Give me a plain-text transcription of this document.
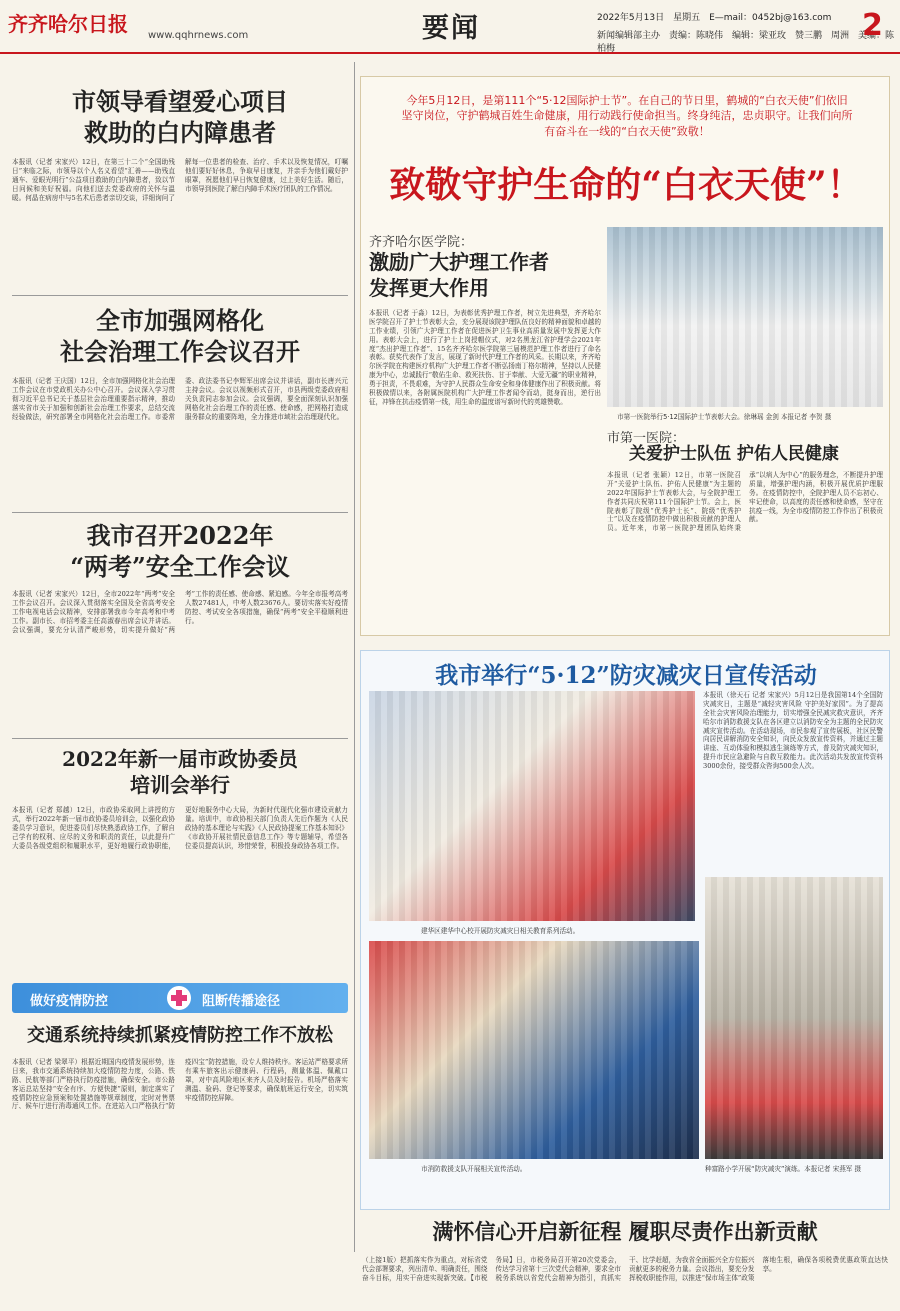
齐齐哈尔日报 www.qqhrnews.com	要闻	2022年5月13日　星期五　E—mail：0452bj@163.com
新闻编辑部主办　责编：陈晓伟　编辑：梁亚玫　赞三鹏　周洲　美编：陈柏梅
2
市领导看望爱心项目
救助的白内障患者
本报讯（记者 宋家兴）12日，在第三十二个“全国助残日”来临之际，市领导以个人名义看望“汇善——助残直通车、爱眼光明行”公益项目救助的白内障患者，致以节日问候和美好祝福。向他们送去党委政府的关怀与温暖。何晶在病房中与5名术后患者亲切交谈，详细询问了解每一位患者的检查、治疗、手术以及恢复情况，叮嘱他们要好好休息，争取早日康复，并亲手为他们戴好护眼罩，祝愿他们早日恢复健康，过上美好生活。随后，市领导到医院了解白内障手术医疗团队的工作情况。
全市加强网格化
社会治理工作会议召开
本报讯（记者 王庆国）12日，全市加强网格化社会治理工作会议在市党政机关办公中心召开。会议深入学习贯彻习近平总书记关于基层社会治理重要指示精神，推动落实省市关于加强和创新社会治理工作要求，总结交流经验做法，研究部署全市网格化社会治理工作。市委常委、政法委书记李辉军出席会议并讲话，副市长唐兴元主持会议。会议以视频形式召开，市县两级党委政府相关负责同志参加会议。会议强调，要全面深刻认识加强网格化社会治理工作的责任感、使命感，把网格打造成服务群众的重要阵地，全力推进市域社会治理现代化。
我市召开2022年
“两考”安全工作会议
本报讯（记者 宋家兴）12日，全市2022年“两考”安全工作会议召开。会议深入贯彻落实全国及全省高考安全工作电视电话会议精神，安排部署我市今年高考和中考工作。副市长、市招考委主任高淑春出席会议并讲话。会议强调，要充分认清严峻形势，切实提升做好“两考”工作的责任感、使命感、紧迫感。今年全市报考高考人数27481人，中考人数23676人。要切实落实好疫情防控、考试安全各项措施，确保“两考”安全平稳顺利进行。
2022年新一届市政协委员
培训会举行
本报讯（记者 郑越）12日，市政协采取网上讲授的方式，举行2022年新一届市政协委员培训会，以强化政协委员学习意识，促进委员们尽快熟悉政协工作，了解自己学有的权利、应尽的义务和职责的责任，以此提升广大委员各级党组织和履职水平，更好地履行政协职能，更好地服务中心大局，为新时代现代化强市建设贡献力量。培训中，市政协相关部门负责人先后作题为《人民政协的基本理论与实践》《人民政协提案工作基本知识》《市政协开展社情民意信息工作》等专题辅导，希望各位委员提高认识，珍惜荣誉，积极投身政协各项工作。
做好疫情防控	阻断传播途径
交通系统持续抓紧疫情防控工作不放松
本报讯（记者 梁翠平）根据近期国内疫情发展形势，连日来，我市交通系统持续加大疫情防控力度，公路、铁路、民航等部门严格执行防疫措施，确保安全。市公路客运总站坚持“安全有序、方便快捷”原则，制定落实了疫情防控应急预案和处置措施等规章制度，定时对售票厅、候车厅进行消毒通风工作。在进站入口严格执行“防疫四宝”防控措施，设专人维持秩序。客运站严格要求所有乘车旅客出示健康码、行程码，测量体温、佩戴口罩，对中高风险地区来齐人员及时报告。机场严格落实测温、验码、登记等要求，确保航班运行安全，切实筑牢疫情防控屏障。
今年5月12日，是第111个“5·12国际护士节”。在自己的节日里，鹤城的“白衣天使”们依旧坚守岗位，守护鹤城百姓生命健康，用行动践行使命担当。终身纯洁，忠贞职守。让我们向所有奋斗在一线的“白衣天使”致敬！
致敬守护生命的“白衣天使”！
齐齐哈尔医学院：
激励广大护理工作者
发挥更大作用
本报讯（记者 于淼）12日，为表彰优秀护理工作者，树立先进典型，齐齐哈尔医学院召开了护士节表彰大会，充分展现该院护理队伍良好的精神面貌和卓越的工作业绩，引领广大护理工作者在促进医护卫生事业高质量发展中发挥更大作用。表彰大会上，进行了护士上岗授帽仪式，对2名黑龙江省护理学会2021年度“杰出护理工作者”、15名齐齐哈尔医学院第三届模范护理工作者进行了命名表彰。获奖代表作了发言，展现了新时代护理工作者的风采。长期以来，齐齐哈尔医学院在构建医疗机构广大护理工作者不断弘扬南丁格尔精神，坚持以人民健康为中心，忠诚践行“敬佑生命、救死扶伤、甘于奉献、大爱无疆”的职业精神，勇于担责，不畏艰难，为守护人民群众生命安全和身体健康作出了积极贡献。将积极做情以来，各附属医院机构广大护理工作者闻令而动，挺身而出，逆行出征，冲锋在抗击疫情第一线，用生命的温度谱写新时代的英雄赞歌。
市第一医院举行5·12国际护士节表彰大会。徐琳瑶 金剑 本报记者 李贺 摄
市第一医院：
关爱护士队伍 护佑人民健康
本报讯（记者 张颖）12日，市第一医院召开“关爱护士队伍、护佑人民健康”为主题的2022年国际护士节表彰大会，与全院护理工作者共同庆祝第111个国际护士节。会上，医院表彰了院级“优秀护士长”、院级“优秀护士”以及在疫情防控中做出积极贡献的护理人员。近年来，市第一医院护理团队始终秉承“以病人为中心”的服务理念，不断提升护理质量，增强护理内涵，积极开展优质护理服务。在疫情防控中，全院护理人员不忘初心、牢记使命，以高度的责任感和使命感，坚守在抗疫一线，为全市疫情防控工作作出了积极贡献。
我市举行“5·12”防灾减灾日宣传活动
建华区建华中心校开展防灾减灾日相关教育系列活动。
本报讯（徐天石 记者 宋家兴）5月12日是我国第14个全国防灾减灾日，主题是“减轻灾害风险 守护美好家园”。为了提高全社会灾害风险治理能力，切实增强全民减灾救灾意识，齐齐哈尔市消防救援支队在各区建立以消防安全为主题的全民防灾减灾宣传活动。在活动现场，市民参观了宣传展板，社区民警向居民讲解消防安全知识，向民众发放宣传资料，并通过主题讲座、互动体验和模拟逃生演练等方式，普及防灾减灾知识，提升市民应急避险与自救互救能力。此次活动共发放宣传资料3000余份，接受群众咨询500余人次。
市消防救援支队开展相关宣传活动。	种富路小学开展“防灾减灾”演练。本报记者 宋燕军 摄
满怀信心开启新征程 履职尽责作出新贡献
（上接1版）把抓落实作为重点，对标省党代会部署要求，列出清单、明确责任，围绕奋斗目标，用实干奋进实现新突破。【市税务局】日，市税务局召开第20次党委会，传达学习省第十三次党代会精神，要求全市税务系统以省党代会精神为指引，真抓实干、比学赶超，为我省全面振兴全方位振兴贡献更多的税务力量。会议指出，要充分发挥税收职能作用，以推进“保市场主体”政策落地生根，确保各项税费优惠政策直达快享。
